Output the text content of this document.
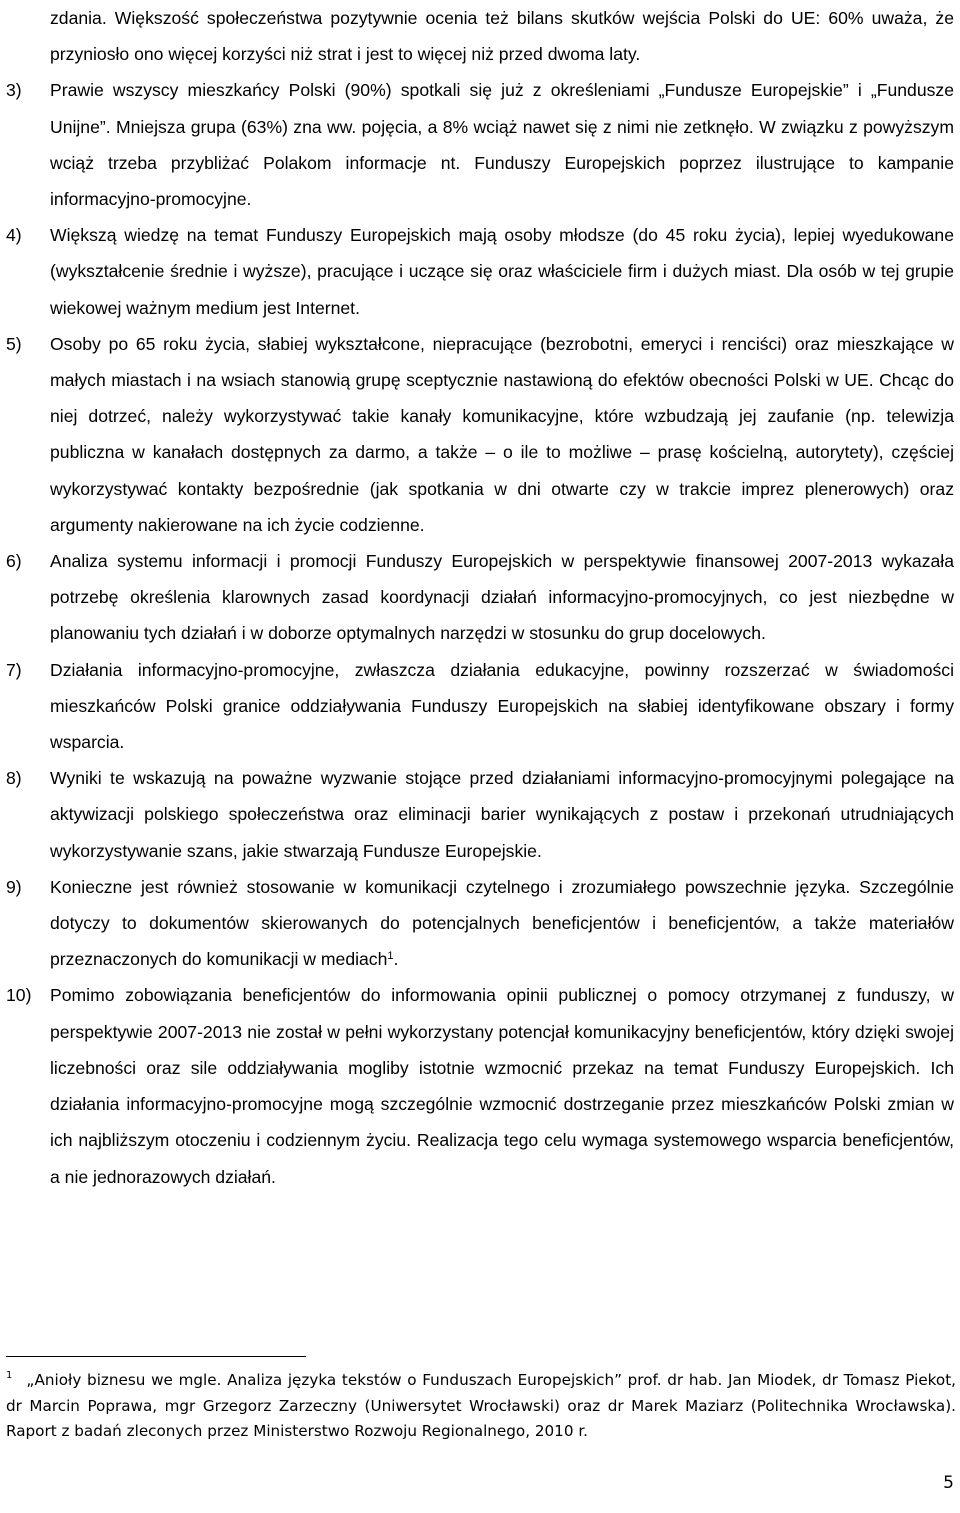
zdania. Większość społeczeństwa pozytywnie ocenia też bilans skutków wejścia Polski do UE: 60% uważa, że przyniosło ono więcej korzyści niż strat i jest to więcej niż przed dwoma laty.

3)	Prawie wszyscy mieszkańcy Polski (90%) spotkali się już z określeniami „Fundusze Europejskie” i „Fundusze Unijne”. Mniejsza grupa (63%) zna ww. pojęcia, a 8% wciąż nawet się z nimi nie zetknęło. W związku z powyższym wciąż trzeba przybliżać Polakom informacje nt. Funduszy Europejskich poprzez ilustrujące to kampanie informacyjno-promocyjne.
4)	Większą wiedzę na temat Funduszy Europejskich mają osoby młodsze (do 45 roku życia), lepiej wyedukowane (wykształcenie średnie i wyższe), pracujące i uczące się oraz właściciele firm i dużych miast. Dla osób w tej grupie wiekowej ważnym medium jest Internet.
5)	Osoby po 65 roku życia, słabiej wykształcone, niepracujące (bezrobotni, emeryci i renciści) oraz mieszkające w małych miastach i na wsiach stanowią grupę sceptycznie nastawioną do efektów obecności Polski w UE. Chcąc do niej dotrzeć, należy wykorzystywać takie kanały komunikacyjne, które wzbudzają jej zaufanie (np. telewizja publiczna w kanałach dostępnych za darmo, a także – o ile to możliwe – prasę kościelną, autorytety), częściej wykorzystywać kontakty bezpośrednie (jak spotkania w dni otwarte czy w trakcie imprez plenerowych) oraz argumenty nakierowane na ich życie codzienne.
6)	Analiza systemu informacji i promocji Funduszy Europejskich w perspektywie finansowej 2007-2013 wykazała potrzebę określenia klarownych zasad koordynacji działań informacyjno-promocyjnych, co jest niezbędne w planowaniu tych działań i w doborze optymalnych narzędzi w stosunku do grup docelowych.
7)	Działania informacyjno-promocyjne, zwłaszcza działania edukacyjne, powinny rozszerzać w świadomości mieszkańców Polski granice oddziaływania Funduszy Europejskich na słabiej identyfikowane obszary i formy wsparcia.
8)	Wyniki te wskazują na poważne wyzwanie stojące przed działaniami informacyjno-promocyjnymi polegające na aktywizacji polskiego społeczeństwa oraz eliminacji barier wynikających z postaw i przekonań utrudniających wykorzystywanie szans, jakie stwarzają Fundusze Europejskie.
9)	Konieczne jest również stosowanie w komunikacji czytelnego i zrozumiałego powszechnie języka. Szczególnie dotyczy to dokumentów skierowanych do potencjalnych beneficjentów i beneficjentów, a także materiałów przeznaczonych do komunikacji w mediach$^1$.
10)	Pomimo zobowiązania beneficjentów do informowania opinii publicznej o pomocy otrzymanej z funduszy, w perspektywie 2007-2013 nie został w pełni wykorzystany potencjał komunikacyjny beneficjentów, który dzięki swojej liczebności oraz sile oddziaływania mogliby istotnie wzmocnić przekaz na temat Funduszy Europejskich. Ich działania informacyjno-promocyjne mogą szczególnie wzmocnić dostrzeganie przez mieszkańców Polski zmian w ich najbliższym otoczeniu i codziennym życiu. Realizacja tego celu wymaga systemowego wsparcia beneficjentów, a nie jednorazowych działań.
$^1$ „Anioły biznesu we mgle. Analiza języka tekstów o Funduszach Europejskich” prof. dr hab. Jan Miodek, dr Tomasz Piekot, dr Marcin Poprawa, mgr Grzegorz Zarzeczny (Uniwersytet Wrocławski) oraz dr Marek Maziarz (Politechnika Wrocławska). Raport z badań zleconych przez Ministerstwo Rozwoju Regionalnego, 2010 r.
5
